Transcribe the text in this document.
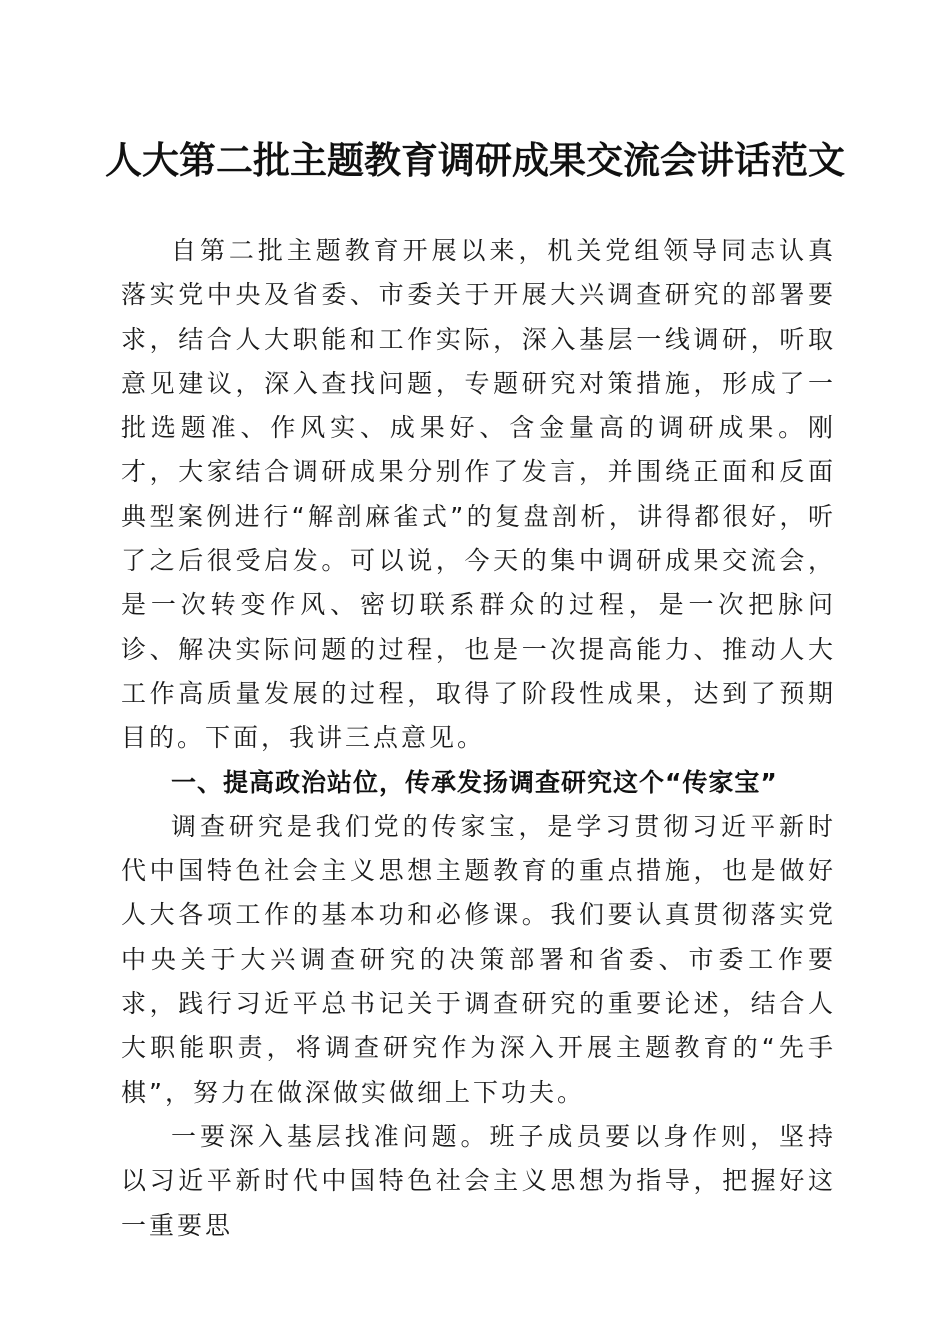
人大第二批主题教育调研成果交流会讲话范文

自第二批主题教育开展以来，机关党组领导同志认真落实党中央及省委、市委关于开展大兴调查研究的部署要求，结合人大职能和工作实际，深入基层一线调研，听取意见建议，深入查找问题，专题研究对策措施，形成了一批选题准、作风实、成果好、含金量高的调研成果。刚才，大家结合调研成果分别作了发言，并围绕正面和反面典型案例进行“解剖麻雀式”的复盘剖析，讲得都很好，听了之后很受启发。可以说，今天的集中调研成果交流会，是一次转变作风、密切联系群众的过程，是一次把脉问诊、解决实际问题的过程，也是一次提高能力、推动人大工作高质量发展的过程，取得了阶段性成果，达到了预期目的。下面，我讲三点意见。

一、提高政治站位，传承发扬调查研究这个“传家宝”

调查研究是我们党的传家宝，是学习贯彻习近平新时代中国特色社会主义思想主题教育的重点措施，也是做好人大各项工作的基本功和必修课。我们要认真贯彻落实党中央关于大兴调查研究的决策部署和省委、市委工作要求，践行习近平总书记关于调查研究的重要论述，结合人大职能职责，将调查研究作为深入开展主题教育的“先手棋”，努力在做深做实做细上下功夫。

一要深入基层找准问题。班子成员要以身作则，坚持以习近平新时代中国特色社会主义思想为指导，把握好这一重要思
